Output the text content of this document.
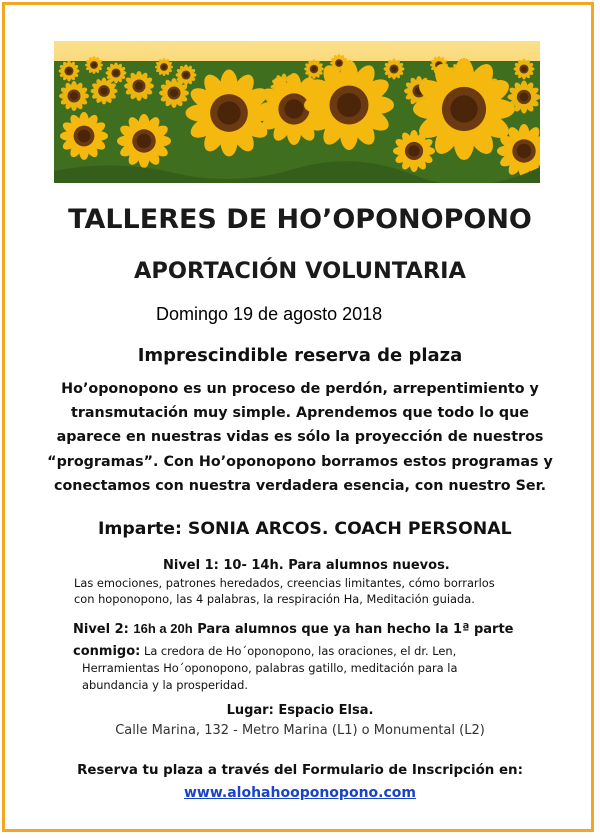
TALLERES DE HO’OPONOPONO
APORTACIÓN VOLUNTARIA
Domingo 19 de agosto 2018
Imprescindible reserva de plaza
Ho’oponopono es un proceso de perdón, arrepentimiento y
transmutación muy simple. Aprendemos que todo lo que
aparece en nuestras vidas es sólo la proyección de nuestros
“programas”. Con Ho’oponopono borramos estos programas y
conectamos con nuestra verdadera esencia, con nuestro Ser.
Imparte: SONIA ARCOS. COACH PERSONAL
Nivel 1: 10- 14h. Para alumnos nuevos.
Las emociones, patrones heredados, creencias limitantes, cómo borrarlos
con hoponopono, las 4 palabras, la respiración Ha, Meditación guiada.
Nivel 2: 16h a 20h Para alumnos que ya han hecho la 1ª parte
conmigo: La credora de Ho´oponopono, las oraciones, el dr. Len,
Herramientas Ho´oponopono, palabras gatillo, meditación para la
abundancia y la prosperidad.
Lugar: Espacio Elsa.
Calle Marina, 132 - Metro Marina (L1) o Monumental (L2)
Reserva tu plaza a través del Formulario de Inscripción en:
www.alohahooponopono.com
